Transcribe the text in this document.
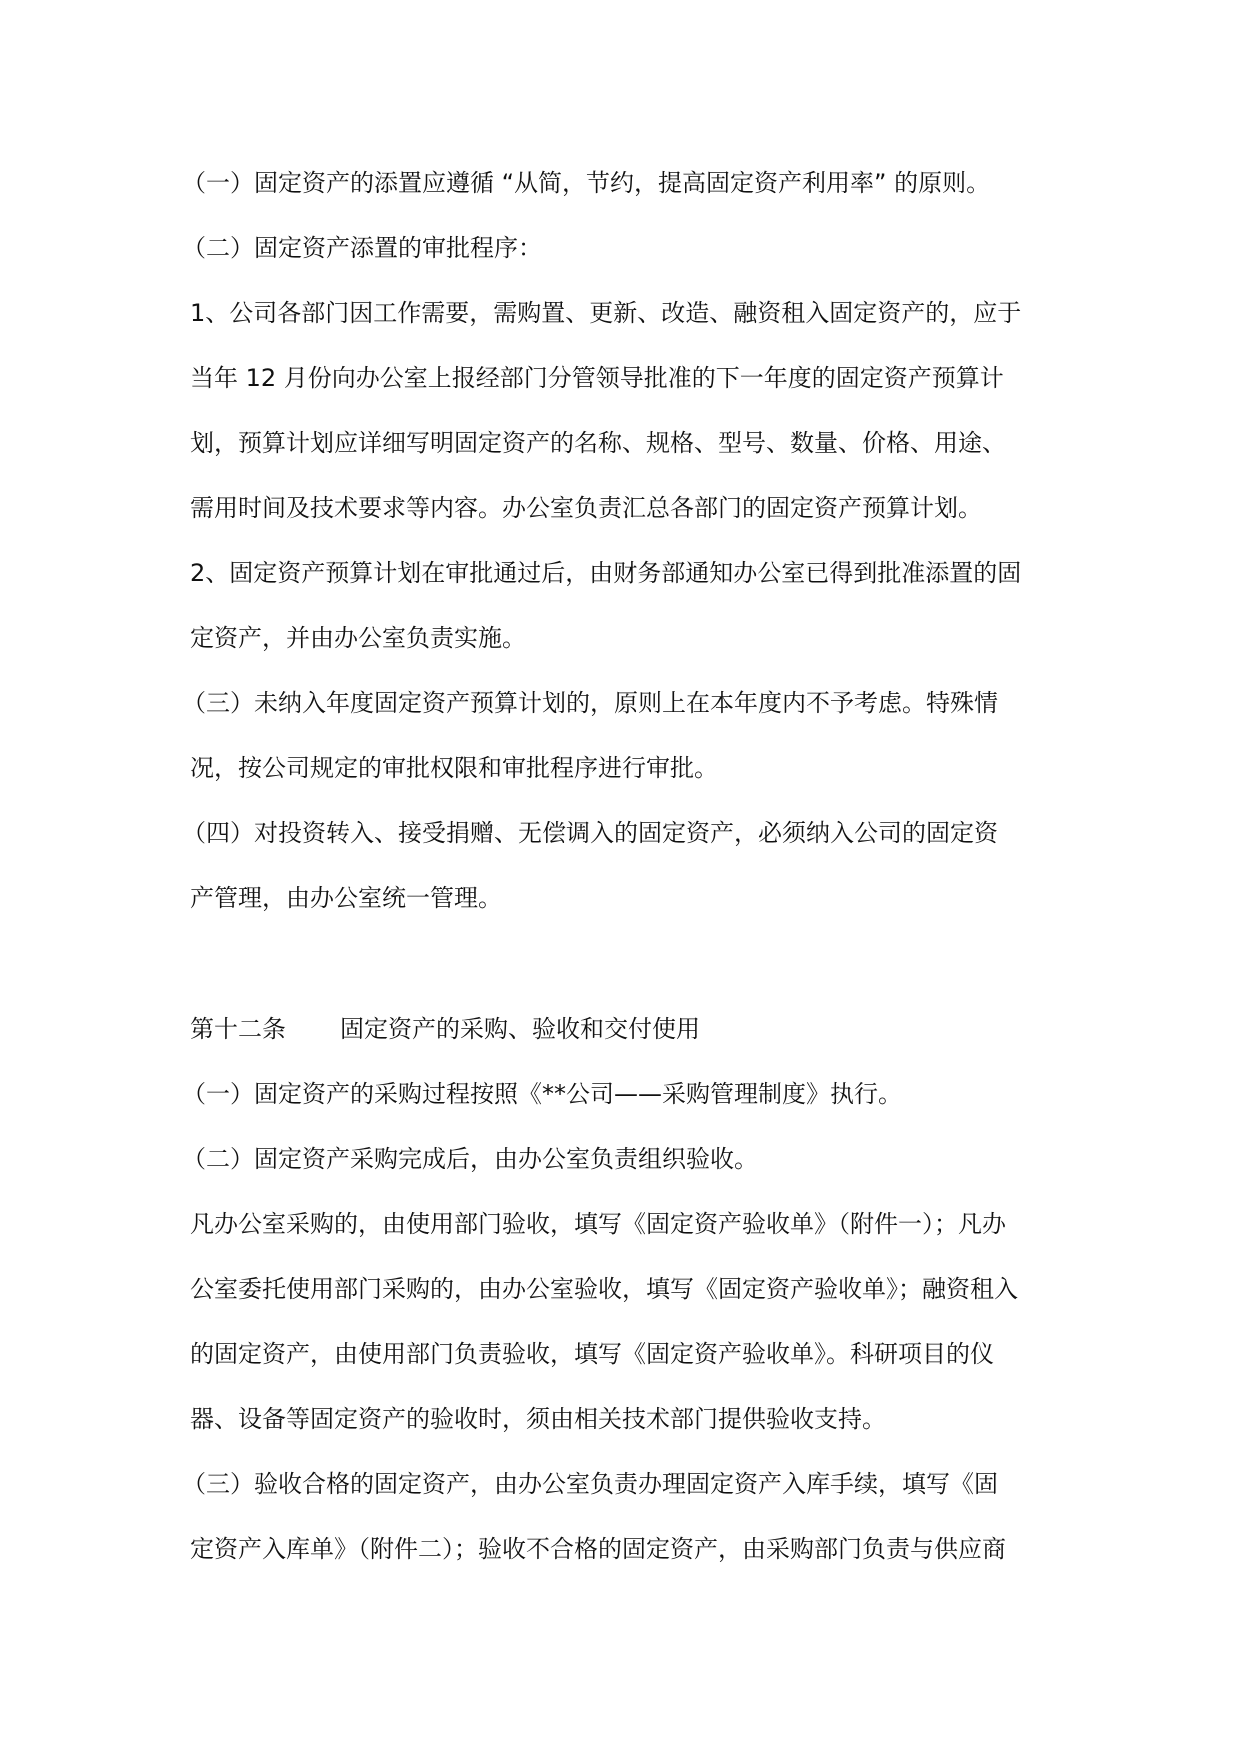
（一）固定资产的添置应遵循 “从简，节约，提高固定资产利用率” 的原则。
（二）固定资产添置的审批程序：
1、公司各部门因工作需要，需购置、更新、改造、融资租入固定资产的，应于
当年 12 月份向办公室上报经部门分管领导批准的下一年度的固定资产预算计
划，预算计划应详细写明固定资产的名称、规格、型号、数量、价格、用途、
需用时间及技术要求等内容。办公室负责汇总各部门的固定资产预算计划。
2、固定资产预算计划在审批通过后，由财务部通知办公室已得到批准添置的固
定资产，并由办公室负责实施。
（三）未纳入年度固定资产预算计划的，原则上在本年度内不予考虑。特殊情
况，按公司规定的审批权限和审批程序进行审批。
（四）对投资转入、接受捐赠、无偿调入的固定资产，必须纳入公司的固定资
产管理，由办公室统一管理。
第十二条 固定资产的采购、验收和交付使用
（一）固定资产的采购过程按照《**公司——采购管理制度》执行。
（二）固定资产采购完成后，由办公室负责组织验收。
凡办公室采购的，由使用部门验收，填写《固定资产验收单》（附件一）；凡办
公室委托使用部门采购的，由办公室验收，填写《固定资产验收单》；融资租入
的固定资产，由使用部门负责验收，填写《固定资产验收单》。科研项目的仪
器、设备等固定资产的验收时，须由相关技术部门提供验收支持。
（三）验收合格的固定资产，由办公室负责办理固定资产入库手续，填写《固
定资产入库单》（附件二）；验收不合格的固定资产，由采购部门负责与供应商
